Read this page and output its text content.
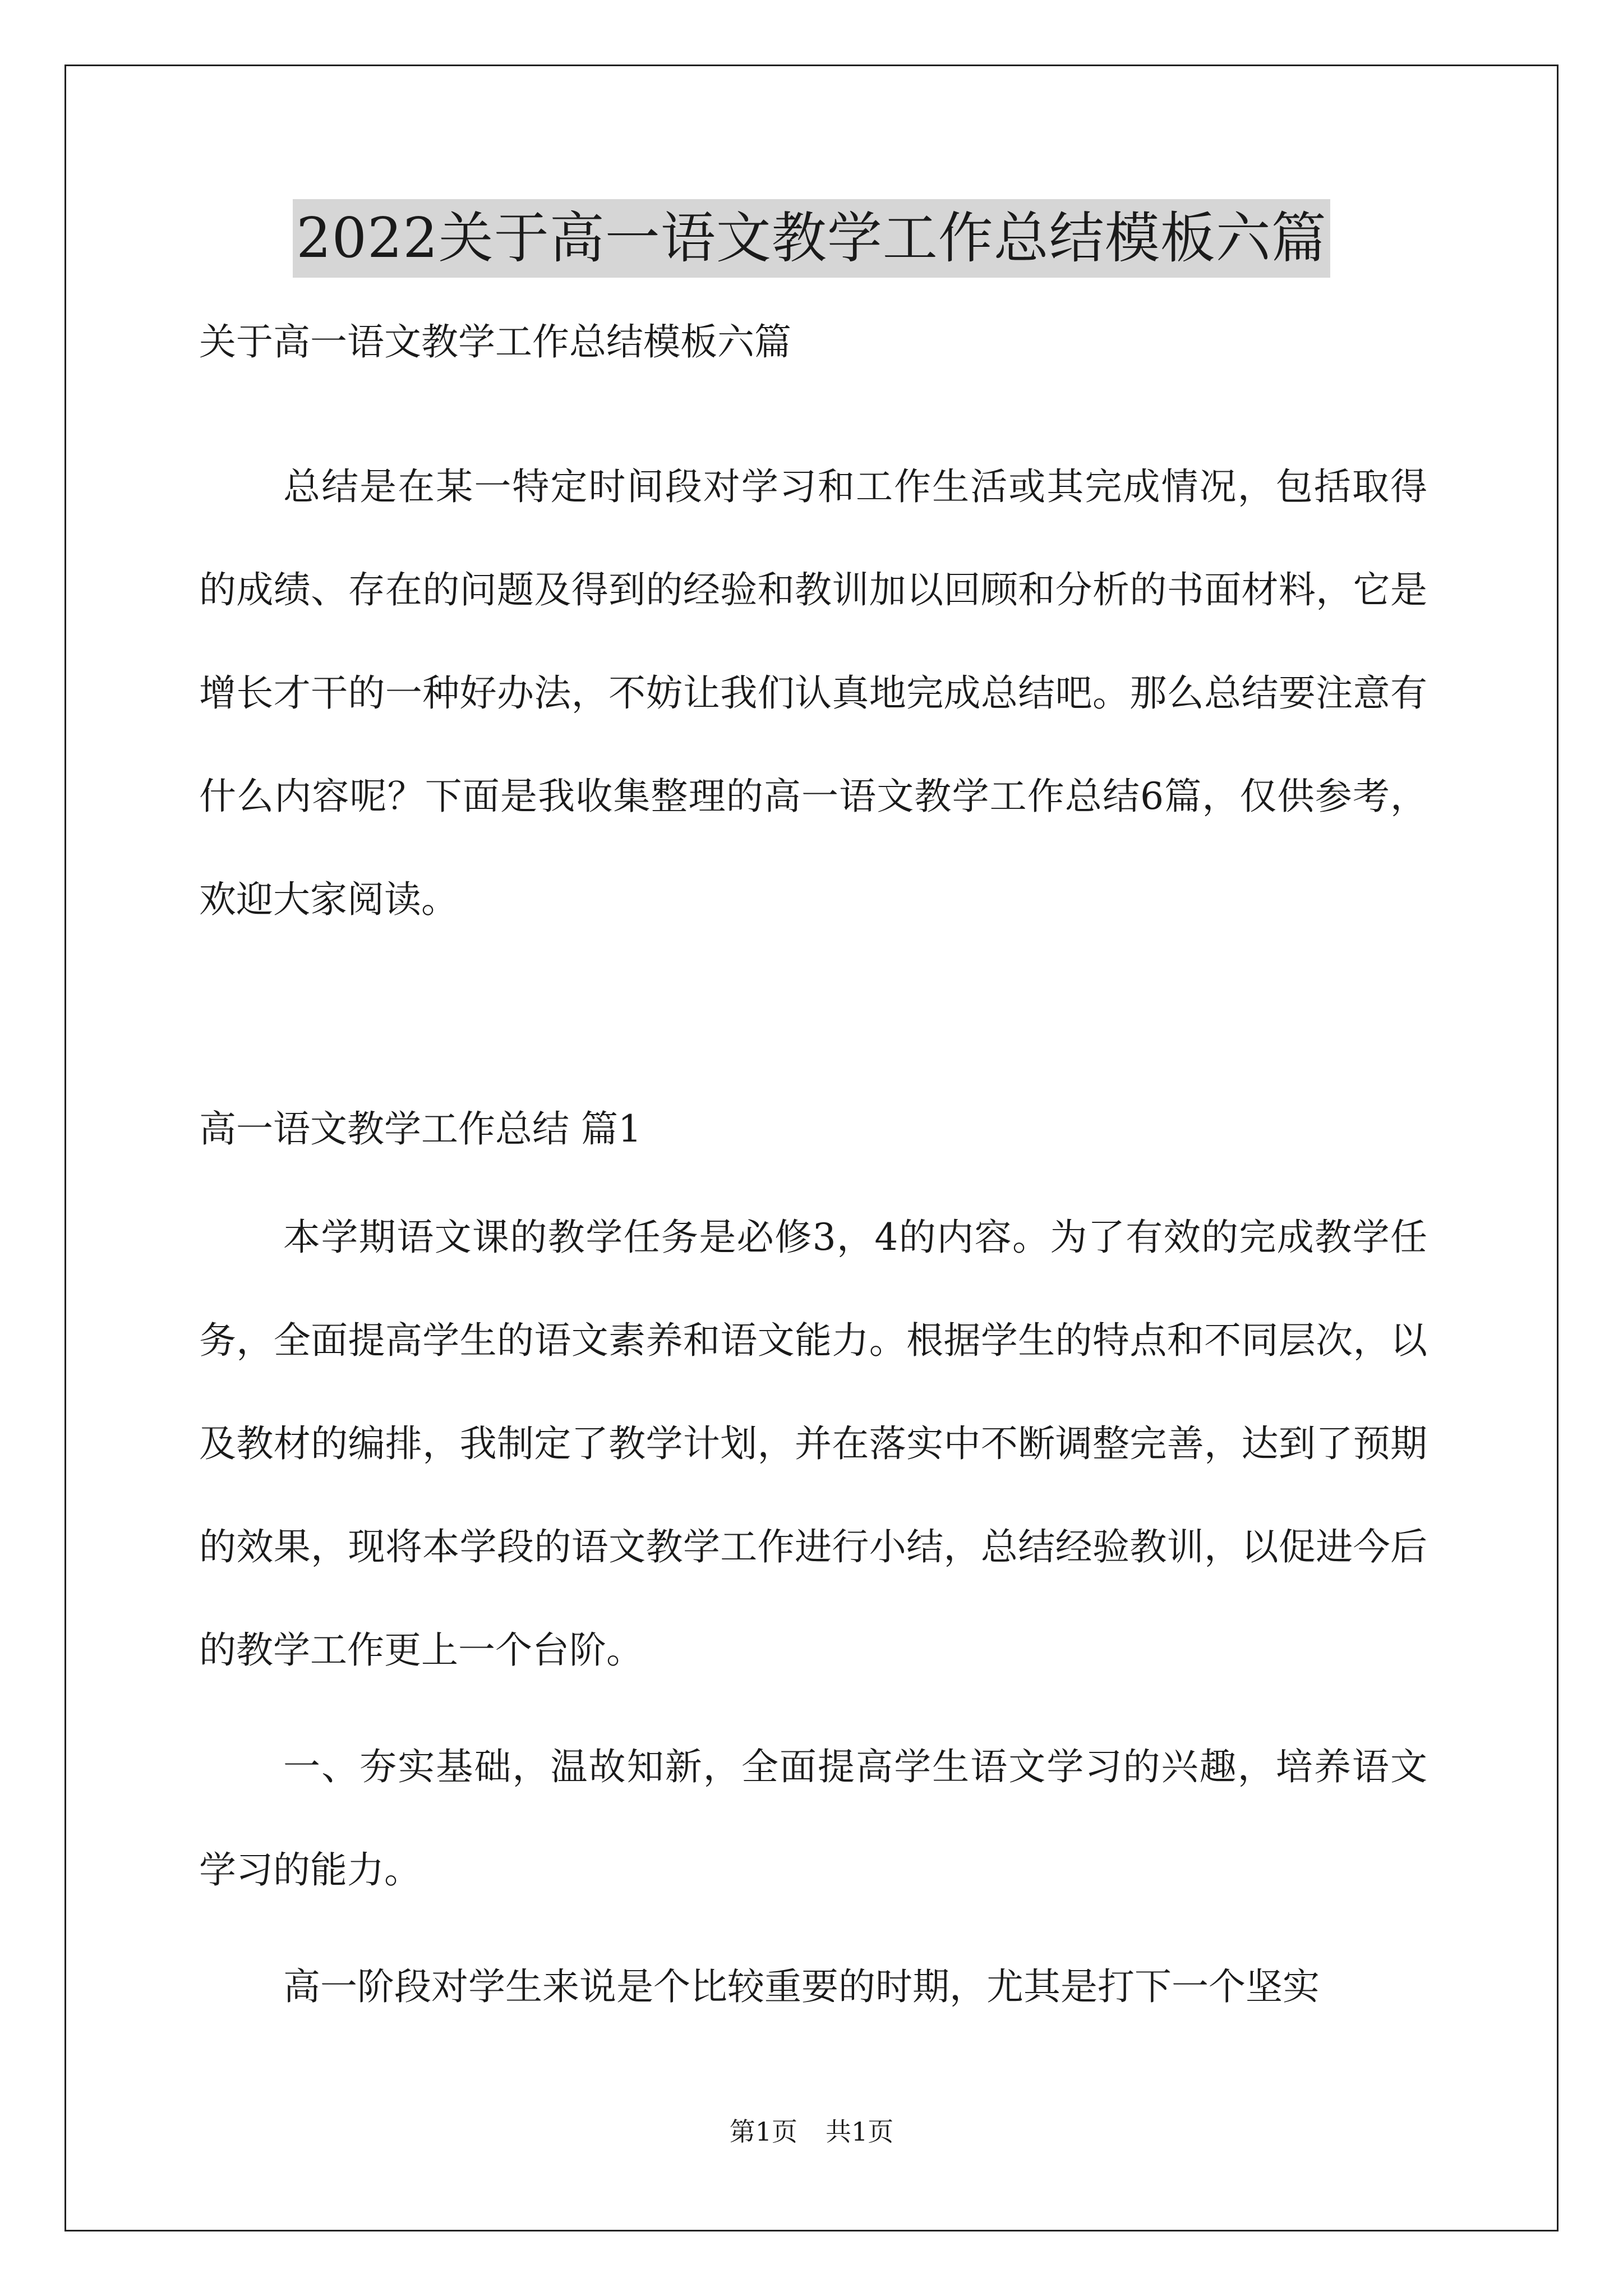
2022关于高一语文教学工作总结模板六篇
关于高一语文教学工作总结模板六篇

总结是在某一特定时间段对学习和工作生活或其完成情况，包括取得的成绩、存在的问题及得到的经验和教训加以回顾和分析的书面材料，它是增长才干的一种好办法，不妨让我们认真地完成总结吧。那么总结要注意有什么内容呢？下面是我收集整理的高一语文教学工作总结6篇，仅供参考，欢迎大家阅读。

高一语文教学工作总结 篇1

本学期语文课的教学任务是必修3，4的内容。为了有效的完成教学任务，全面提高学生的语文素养和语文能力。根据学生的特点和不同层次，以及教材的编排，我制定了教学计划，并在落实中不断调整完善，达到了预期的效果，现将本学段的语文教学工作进行小结，总结经验教训，以促进今后的教学工作更上一个台阶。

一、夯实基础，温故知新，全面提高学生语文学习的兴趣，培养语文学习的能力。

高一阶段对学生来说是个比较重要的时期，尤其是打下一个坚实

第1页 共1页
